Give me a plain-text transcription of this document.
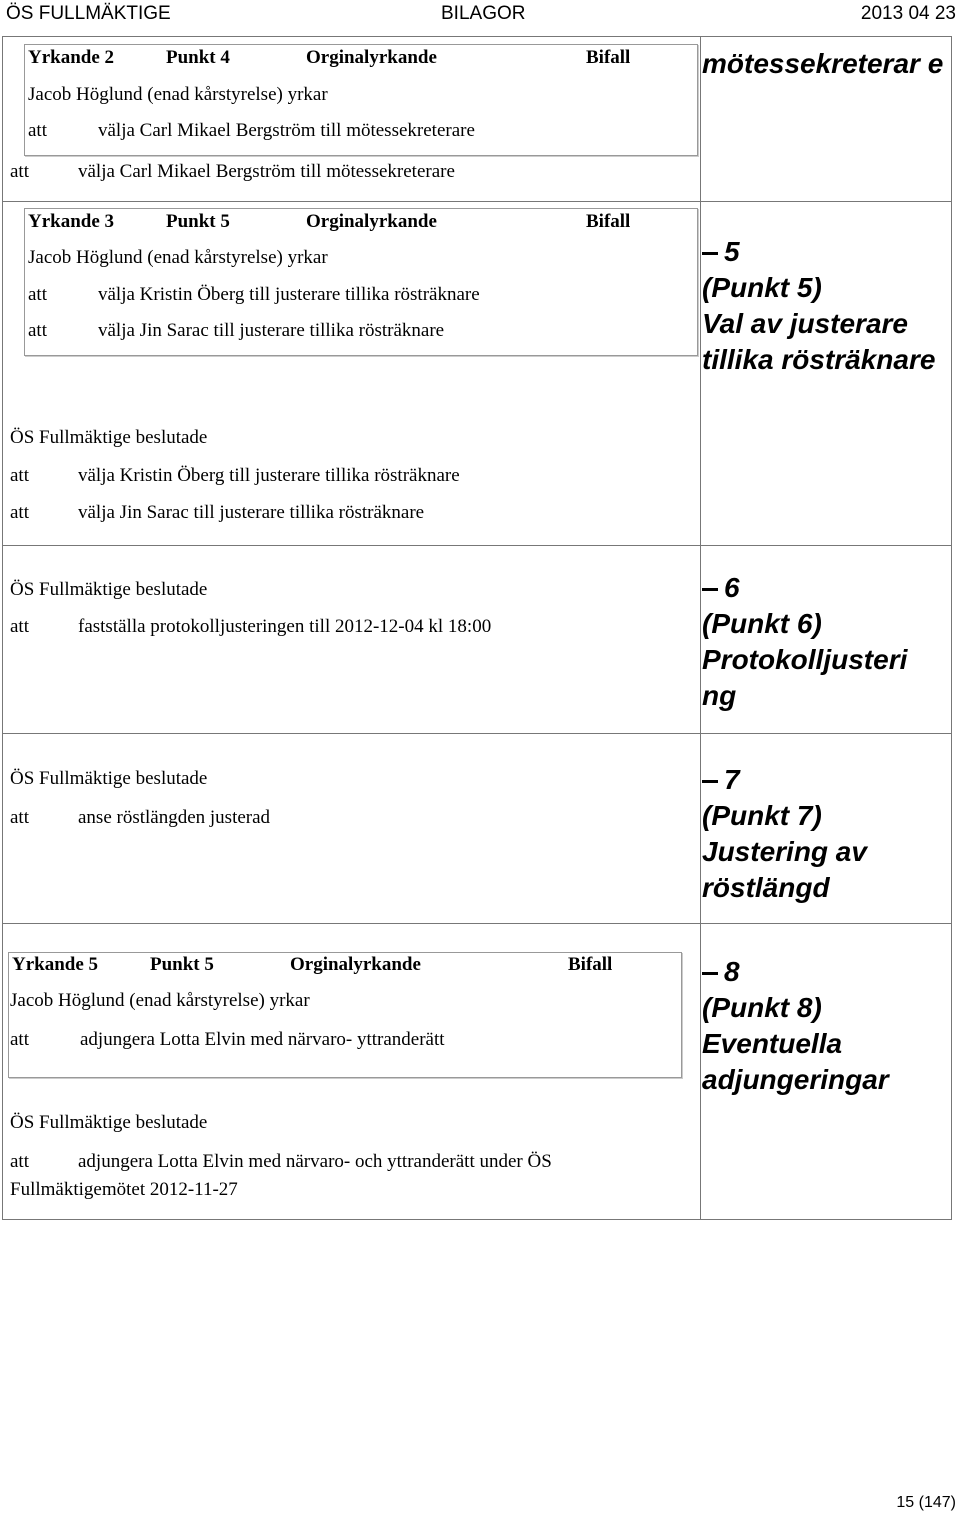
ÖS FULLMÄKTIGE	BILAGOR	2013 04 23
Yrkande 2	Punkt 4	Orginalyrkande	Bifall
Jacob Höglund (enad kårstyrelse) yrkar
att	välja Carl Mikael Bergström till mötessekreterare
att	välja Carl Mikael Bergström till mötessekreterare
mötessekreterar e
Yrkande 3	Punkt 5	Orginalyrkande	Bifall
Jacob Höglund (enad kårstyrelse) yrkar
att	välja Kristin Öberg till justerare tillika rösträknare
att	välja Jin Sarac till justerare tillika rösträknare
ÖS Fullmäktige beslutade
att	välja Kristin Öberg till justerare tillika rösträknare
att	välja Jin Sarac till justerare tillika rösträknare
5
(Punkt 5)
Val av justerare tillika rösträknare
ÖS Fullmäktige beslutade
att	fastställa protokolljusteringen till 2012-12-04 kl 18:00
6
(Punkt 6)
Protokolljusteri ng
ÖS Fullmäktige beslutade
att	anse röstlängden justerad
7
(Punkt 7)
Justering av röstlängd
Yrkande 5	Punkt 5	Orginalyrkande	Bifall
Jacob Höglund (enad kårstyrelse) yrkar
att	adjungera Lotta Elvin med närvaro- yttranderätt
ÖS Fullmäktige beslutade
att	adjungera Lotta Elvin med närvaro- och yttranderätt under ÖS
Fullmäktigemötet 2012-11-27
8
(Punkt 8)
Eventuella adjungeringar
15 (147)
